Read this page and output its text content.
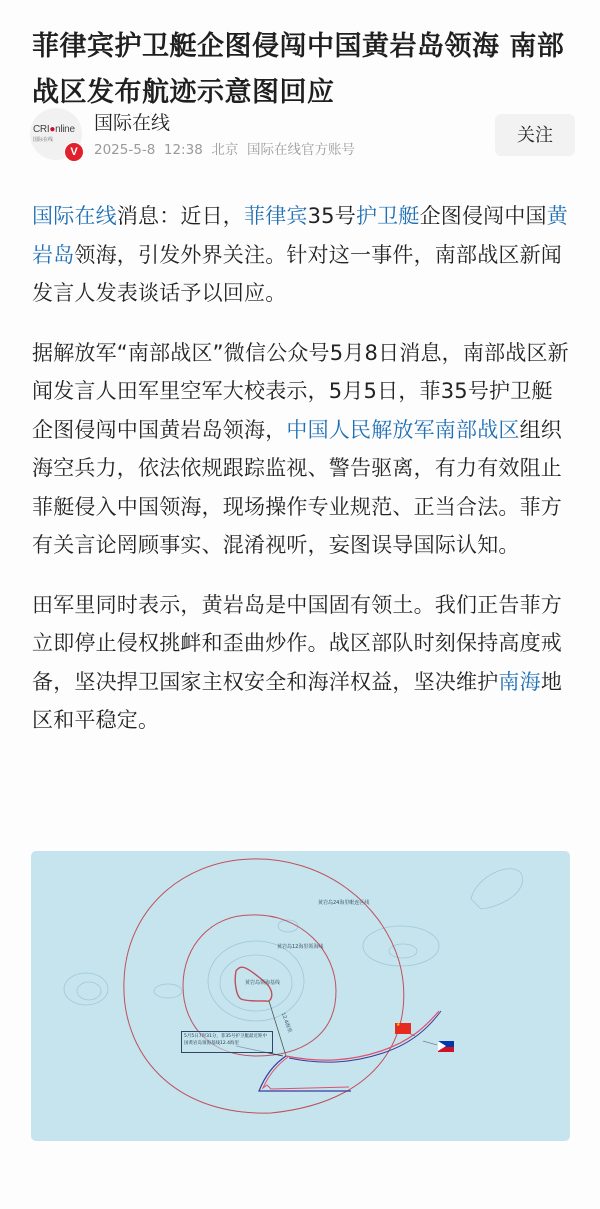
菲律宾护卫艇企图侵闯中国黄岩岛领海 南部战区发布航迹示意图回应
CRI●nline
国际在线
V
国际在线
2025-5-8 12:38 北京 国际在线官方账号
关注

国际在线消息：近日，菲律宾35号护卫艇企图侵闯中国黄岩岛领海，引发外界关注。针对这一事件，南部战区新闻发言人发表谈话予以回应。

据解放军“南部战区”微信公众号5月8日消息，南部战区新闻发言人田军里空军大校表示，5月5日，菲35号护卫艇企图侵闯中国黄岩岛领海，中国人民解放军南部战区组织海空兵力，依法依规跟踪监视、警告驱离，有力有效阻止菲艇侵入中国领海，现场操作专业规范、正当合法。菲方有关言论罔顾事实、混淆视听，妄图误导国际认知。

田军里同时表示，黄岩岛是中国固有领土。我们正告菲方立即停止侵权挑衅和歪曲炒作。战区部队时刻保持高度戒备，坚决捍卫国家主权安全和海洋权益，坚决维护南海地区和平稳定。

黄岩岛24海里毗连区线
黄岩岛12海里领海线
黄岩岛领海基线
12.4海里
5月5日7时31分，菲35号护卫艇最近距中国黄岩岛领海基线12.4海里
★
